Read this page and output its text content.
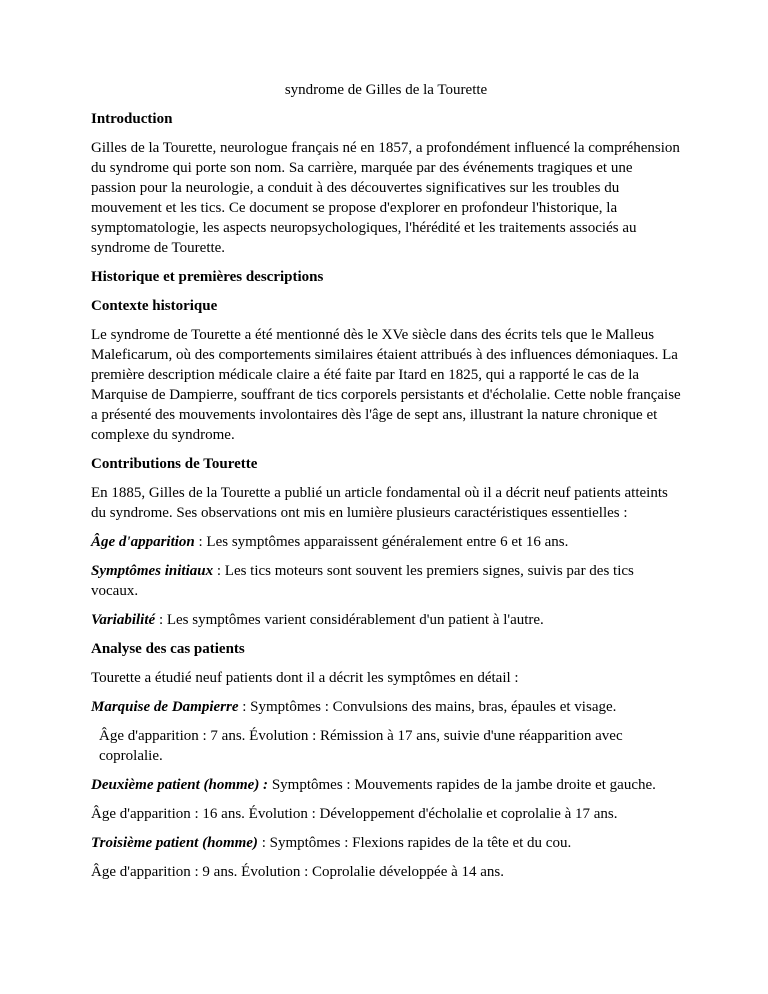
syndrome de Gilles de la Tourette

Introduction

Gilles de la Tourette, neurologue français né en 1857, a profondément influencé la compréhension du syndrome qui porte son nom. Sa carrière, marquée par des événements tragiques et une passion pour la neurologie, a conduit à des découvertes significatives sur les troubles du mouvement et les tics. Ce document se propose d'explorer en profondeur l'historique, la symptomatologie, les aspects neuropsychologiques, l'hérédité et les traitements associés au syndrome de Tourette.

Historique et premières descriptions

Contexte historique

Le syndrome de Tourette a été mentionné dès le XVe siècle dans des écrits tels que le Malleus Maleficarum, où des comportements similaires étaient attribués à des influences démoniaques. La première description médicale claire a été faite par Itard en 1825, qui a rapporté le cas de la Marquise de Dampierre, souffrant de tics corporels persistants et d'écholalie. Cette noble française a présenté des mouvements involontaires dès l'âge de sept ans, illustrant la nature chronique et complexe du syndrome.

Contributions de Tourette

En 1885, Gilles de la Tourette a publié un article fondamental où il a décrit neuf patients atteints du syndrome. Ses observations ont mis en lumière plusieurs caractéristiques essentielles :

Âge d'apparition : Les symptômes apparaissent généralement entre 6 et 16 ans.

Symptômes initiaux : Les tics moteurs sont souvent les premiers signes, suivis par des tics vocaux.

Variabilité : Les symptômes varient considérablement d'un patient à l'autre.

Analyse des cas patients

Tourette a étudié neuf patients dont il a décrit les symptômes en détail :

Marquise de Dampierre : Symptômes : Convulsions des mains, bras, épaules et visage.

Âge d'apparition : 7 ans. Évolution : Rémission à 17 ans, suivie d'une réapparition avec coprolalie.

Deuxième patient (homme) : Symptômes : Mouvements rapides de la jambe droite et gauche.

Âge d'apparition : 16 ans. Évolution : Développement d'écholalie et coprolalie à 17 ans.

Troisième patient (homme) : Symptômes : Flexions rapides de la tête et du cou.

Âge d'apparition : 9 ans. Évolution : Coprolalie développée à 14 ans.
